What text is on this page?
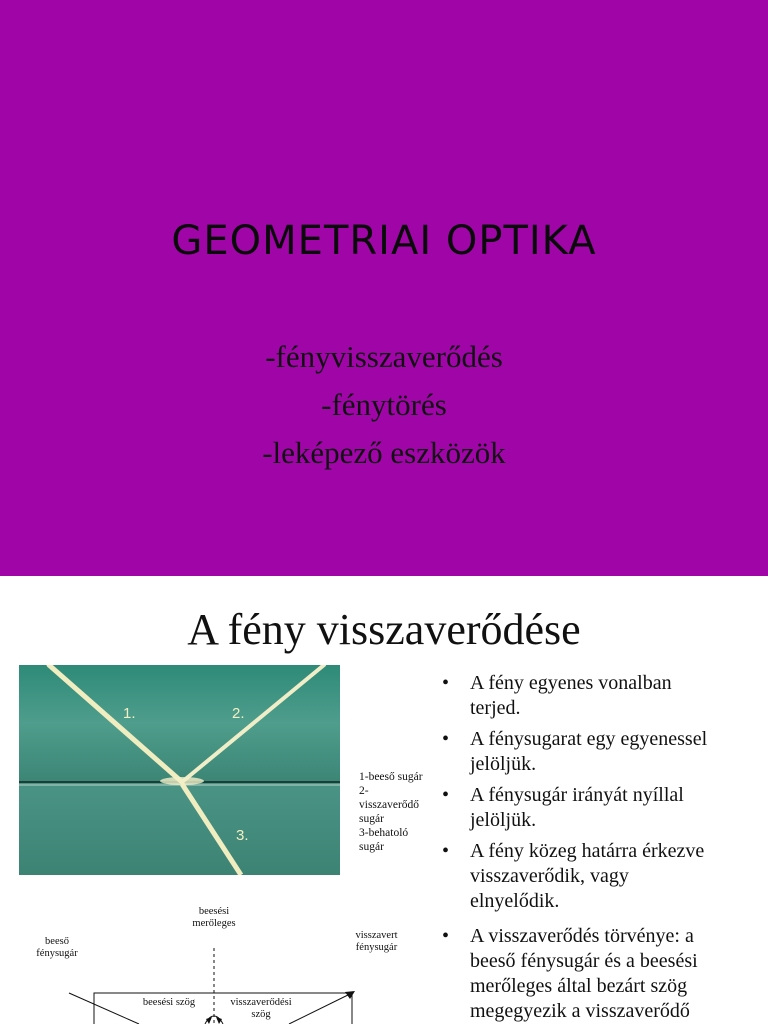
GEOMETRIAI OPTIKA
-fényvisszaverődés
-fénytörés
-leképező eszközök
A fény visszaverődése
1.	2.
3.
1-beeső sugár
2-
visszaverődő
sugár
3-behatoló
sugár
• A fény egyenes vonalban
terjed.
• A fénysugarat egy egyenessel
jelöljük.
• A fénysugár irányát nyíllal
jelöljük.
• A fény közeg határra érkezve
visszaverődik, vagy
elnyelődik.
• A visszaverődés törvénye: a
beeső fénysugár és a beesési
merőleges által bezárt szög
megegyezik a visszaverődő
beesési
merőleges
beeső
fénysugár
visszavert
fénysugár
beesési szög	visszaverődési
szög
